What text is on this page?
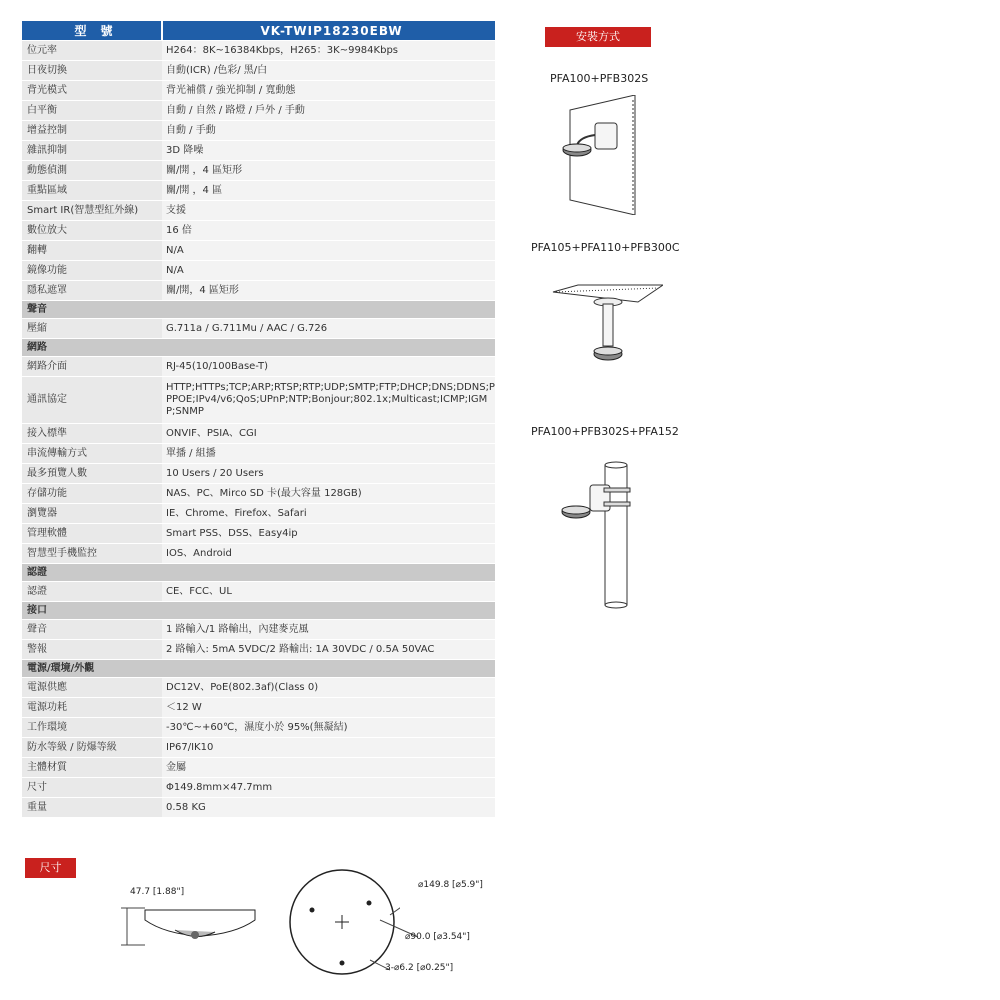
型　號	VK-TWIP18230EBW
位元率	H264：8K~16384Kbps，H265：3K~9984Kbps
日夜切換	自動(ICR) /色彩/ 黑/白
背光模式	背光補償 / 強光抑制 / 寬動態
白平衡	自動 / 自然 / 路燈 / 戶外 / 手動
增益控制	自動 / 手動
雜訊抑制	3D 降噪
動態偵測	關/開 ，4 區矩形
重點區域	關/開 ，4 區
Smart IR(智慧型紅外線)	支援
數位放大	16 倍
翻轉	N/A
鏡像功能	N/A
隱私遮罩	關/開，4 區矩形
聲音	
壓縮	G.711a / G.711Mu / AAC / G.726
網路	
網路介面	RJ-45(10/100Base-T)
通訊協定	HTTP;HTTPs;TCP;ARP;RTSP;RTP;UDP;SMTP;FTP;DHCP;DNS;DDNS;PPPOE;IPv4/v6;QoS;UPnP;NTP;Bonjour;802.1x;Multicast;ICMP;IGMP;SNMP
接入標準	ONVIF、PSIA、CGI
串流傳輸方式	單播 / 組播
最多預覽人數	10 Users / 20 Users
存儲功能	NAS、PC、Mirco SD 卡(最大容量 128GB)
瀏覽器	IE、Chrome、Firefox、Safari
管理軟體	Smart PSS、DSS、Easy4ip
智慧型手機監控	IOS、Android
認證	
認證	CE、FCC、UL
接口	
聲音	1 路輸入/1 路輸出，內建麥克風
警報	2 路輸入: 5mA 5VDC/2 路輸出: 1A 30VDC / 0.5A 50VAC
電源/環境/外觀	
電源供應	DC12V、PoE(802.3af)(Class 0)
電源功耗	＜12 W
工作環境	-30℃~+60℃，濕度小於 95%(無凝結)
防水等級 / 防爆等級	IP67/IK10
主體材質	金屬
尺寸	Φ149.8mm×47.7mm
重量	0.58 KG
安裝方式
PFA100+PFB302S
PFA105+PFA110+PFB300C
PFA100+PFB302S+PFA152
尺寸
47.7 [1.88"]
⌀149.8 [⌀5.9"]
⌀90.0 [⌀3.54"]
3-⌀6.2 [⌀0.25"]
